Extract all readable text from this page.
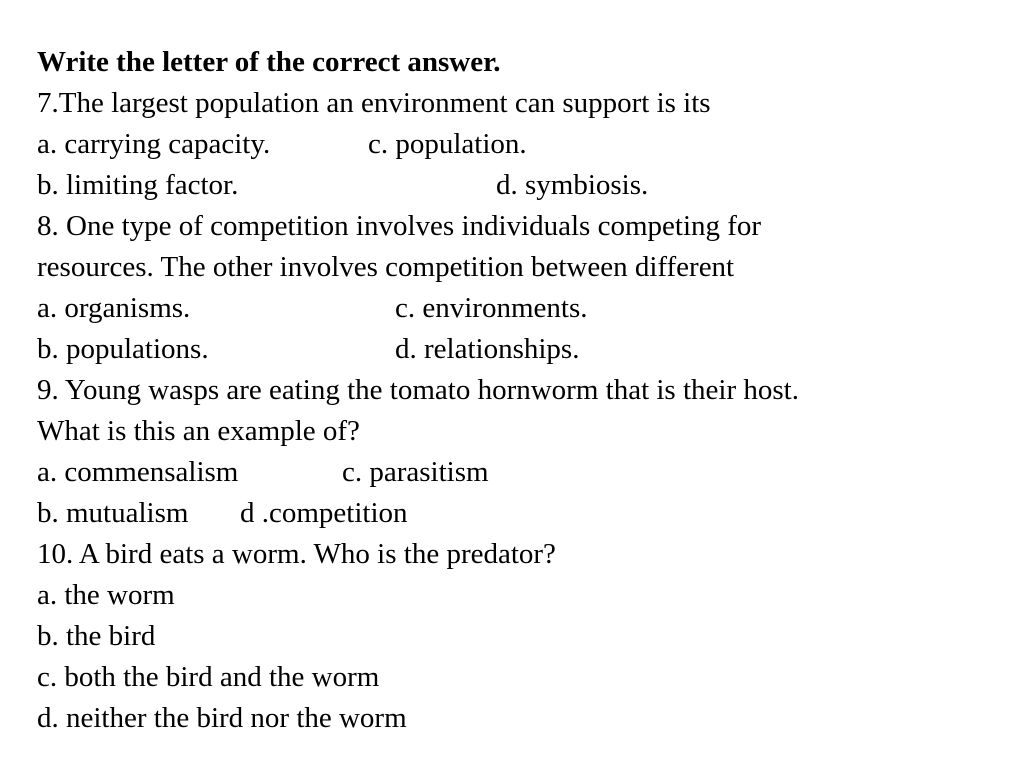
Write the letter of the correct answer.
7.The largest population an environment can support is its
a. carrying capacity.	c. population.
b. limiting factor.	d. symbiosis.
8. One type of competition involves individuals competing for
resources. The other involves competition between different
a. organisms.	c. environments.
b. populations.	d. relationships.
9. Young wasps are eating the tomato hornworm that is their host.
What is this an example of?
a. commensalism	c. parasitism
b. mutualism d .competition
10. A bird eats a worm. Who is the predator?
a. the worm
b. the bird
c. both the bird and the worm
d. neither the bird nor the worm
